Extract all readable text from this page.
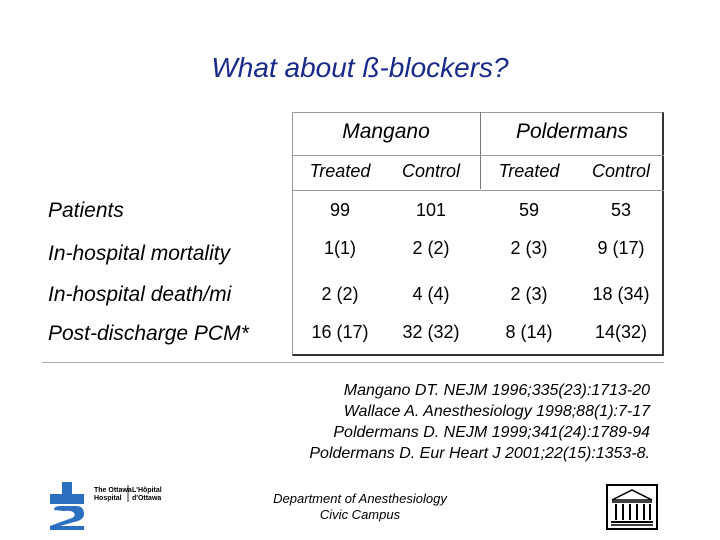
What about ß-blockers?
Mangano	Poldermans
Treated	Control	Treated	Control
Patients	99	101	59	53
In-hospital mortality	1(1)	2 (2)	2 (3)	9 (17)
In-hospital death/mi	2 (2)	4 (4)	2 (3)	18 (34)
Post-discharge PCM*	16 (17)	32 (32)	8 (14)	14(32)
Mangano DT. NEJM 1996;335(23):1713-20
Wallace A. Anesthesiology 1998;88(1):7-17
Poldermans D. NEJM 1999;341(24):1789-94
Poldermans D. Eur Heart J 2001;22(15):1353-8.
Department of Anesthesiology
Civic Campus
The Ottawa
Hospital
L'Hôpital
d'Ottawa
